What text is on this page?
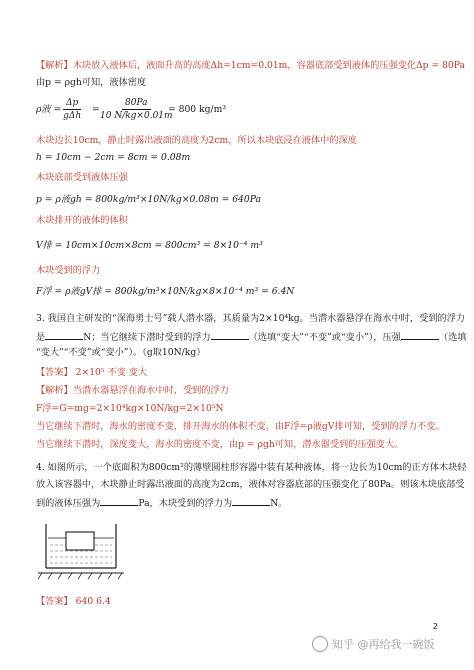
【解析】木块放入液体后，液面升高的高度Δh=1cm=0.01m，容器底部受到液体的压强变化Δp = 80Pa
由p = ρgh可知，液体密度
ρ液 =
Δp
gΔh
= $\frac{80Pa}{10 N/kg\times 0.01m}$
= 800 kg/m³
木块边长10cm，静止时露出液面的高度为2cm，所以木块底浸在液体中的深度
h = 10cm − 2cm = 8cm = 0.08m
木块底部受到液体压强
p = ρ液gh = 800kg/m³×10N/kg×0.08m = 640Pa
木块排开的液体的体积
V排 = 10cm×10cm×8cm = 800cm³ = 8×10⁻⁴ m³
木块受到的浮力
F浮 = ρ液gV排 = 800kg/m³×10N/kg×8×10⁻⁴ m³ = 6.4N
3. 我国自主研发的“深海勇士号”载人潜水器，其质量为2×10⁴kg。当潜水器悬浮在海水中时，受到的浮力
是	N；当它继续下潜时受到的浮力	（选填“变大”“不变”或“变小”），压强	（选填
“变大”“不变”或“变小”）。（g取10N/kg）
【答案】 2×10⁵ 不变 变大
【解析】当潜水器悬浮在海水中时，受到的浮力
F浮=G=mg=2×10⁴kg×10N/kg=2×10⁵N
当它继续下潜时，海水的密度不变，排开海水的体积不变，由F浮=ρ液gV排可知，受到的浮力不变。
当它继续下潜时，深度变大，海水的密度不变，由p = ρgh可知，潜水器受到的压强变大。
4. 如图所示，一个底面积为800cm²的薄壁圆柱形容器中装有某种液体，将一边长为10cm的正方体木块轻
放入该容器中，木块静止时露出液面的高度为2cm，液体对容器底部的压强变化了80Pa。则该木块底部受
到的液体压强为	Pa，木块受到的浮力为	N。
【答案】 640 6.4
2
知乎 @再给我一碗饭
